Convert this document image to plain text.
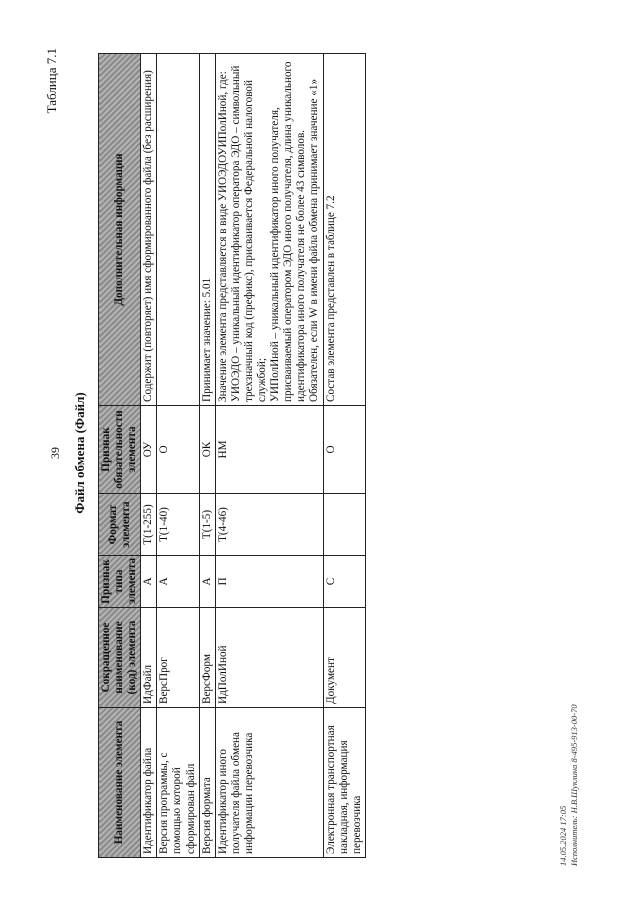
39
Таблица 7.1
Файл обмена (Файл)
Наименование элемента	Сокращенное наименование (код) элемента	Признак типа элемента	Формат элемента	Признак обязательности элемента	Дополнительная информация
Идентификатор файла	ИдФайл	А	T(1-255)	ОУ	Содержит (повторяет) имя сформированного файла (без расширения)
Версия программы, с помощью которой сформирован файл	ВерсПрог	А	T(1-40)	О	
Версия формата	ВерсФорм	А	T(1-5)	ОК	Принимает значение: 5.01
Идентификатор иного получателя файла обмена информации перевозчика	ИдПолИной	П	T(4-46)	НМ	Значение элемента представляется в виде УИОЭДОУИПолИной, где:
УИОЭДО – уникальный идентификатор оператора ЭДО – символьный трехзначный код (префикс), присваивается Федеральной налоговой службой;
УИПолИной – уникальный идентификатор иного получателя, присваиваемый оператором ЭДО иного получателя, длина уникального идентификатора иного получателя не более 43 символов.
Обязателен, если W в имени файла обмена принимает значение «1»
Электронная транспортная накладная, информация перевозчика	Документ	С		О	Состав элемента представлен в таблице 7.2
14.05.2024 17:05 Исполнитель: Н.В.Шуклина 8-495-913-00-70
